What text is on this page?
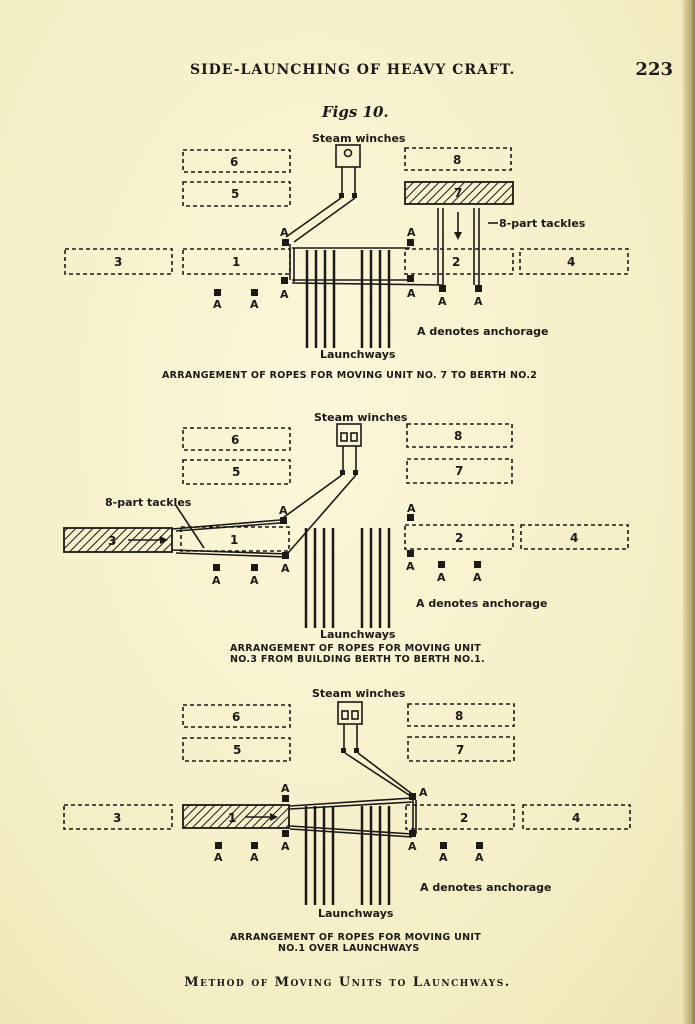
SIDE-LAUNCHING OF HEAVY CRAFT.	223
Figs 10.
A
A
A
A
A A
A	A
6
5
8
7
3	1	2	4
Steam winches
8-part tackles
Launchways
A denotes anchorage
ARRANGEMENT OF ROPES FOR MOVING UNIT NO. 7 TO BERTH NO.2
A
A
A
A
A A
A	A
6
5
8
7
3	1	2	4
Steam winches
8-part tackles
Launchways
A denotes anchorage
ARRANGEMENT OF ROPES FOR MOVING UNIT
NO.3 FROM BUILDING BERTH TO BERTH NO.1.
A
A
A
A
A A
A A
6
5
8
7
3	1	2	4
Steam winches
Launchways
A denotes anchorage
ARRANGEMENT OF ROPES FOR MOVING UNIT
NO.1 OVER LAUNCHWAYS
Method of Moving Units to Launchways.
